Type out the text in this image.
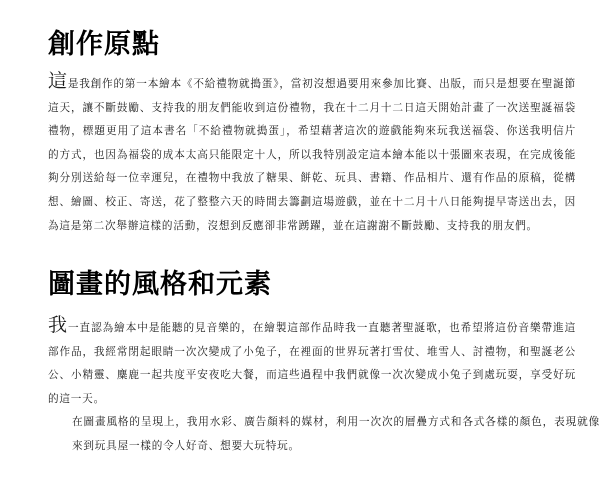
創作原點

這是我創作的第一本繪本《不給禮物就搗蛋》，當初沒想過要用來參加比賽、出版，而只是想要在聖誕節這天，讓不斷鼓勵、支持我的朋友們能收到這份禮物，我在十二月十二日這天開始計畫了一次送聖誕福袋禮物，標題更用了這本書名「不給禮物就搗蛋」，希望藉著這次的遊戲能夠來玩我送福袋、你送我明信片的方式，也因為福袋的成本太高只能限定十人，所以我特別設定這本繪本能以十張圖來表現，在完成後能夠分別送給每一位幸運兒，在禮物中我放了糖果、餅乾、玩具、書籍、作品相片、還有作品的原稿，從構想、繪圖、校正、寄送，花了整整六天的時間去籌劃這場遊戲，並在十二月十八日能夠提早寄送出去，因為這是第二次舉辦這樣的活動，沒想到反應卻非常踴躍，並在這謝謝不斷鼓勵、支持我的朋友們。

圖畫的風格和元素

我一直認為繪本中是能聽的見音樂的，在繪製這部作品時我一直聽著聖誕歌，也希望將這份音樂帶進這部作品，我經常閉起眼睛一次次變成了小兔子，在裡面的世界玩著打雪仗、堆雪人、討禮物，和聖誕老公公、小精靈、麋鹿一起共度平安夜吃大餐，而這些過程中我們就像一次次變成小兔子到處玩耍，享受好玩的這一天。

在圖畫風格的呈現上，我用水彩、廣告顏料的媒材，利用一次次的層疊方式和各式各樣的顏色，表現就像來到玩具屋一樣的令人好奇、想要大玩特玩。
